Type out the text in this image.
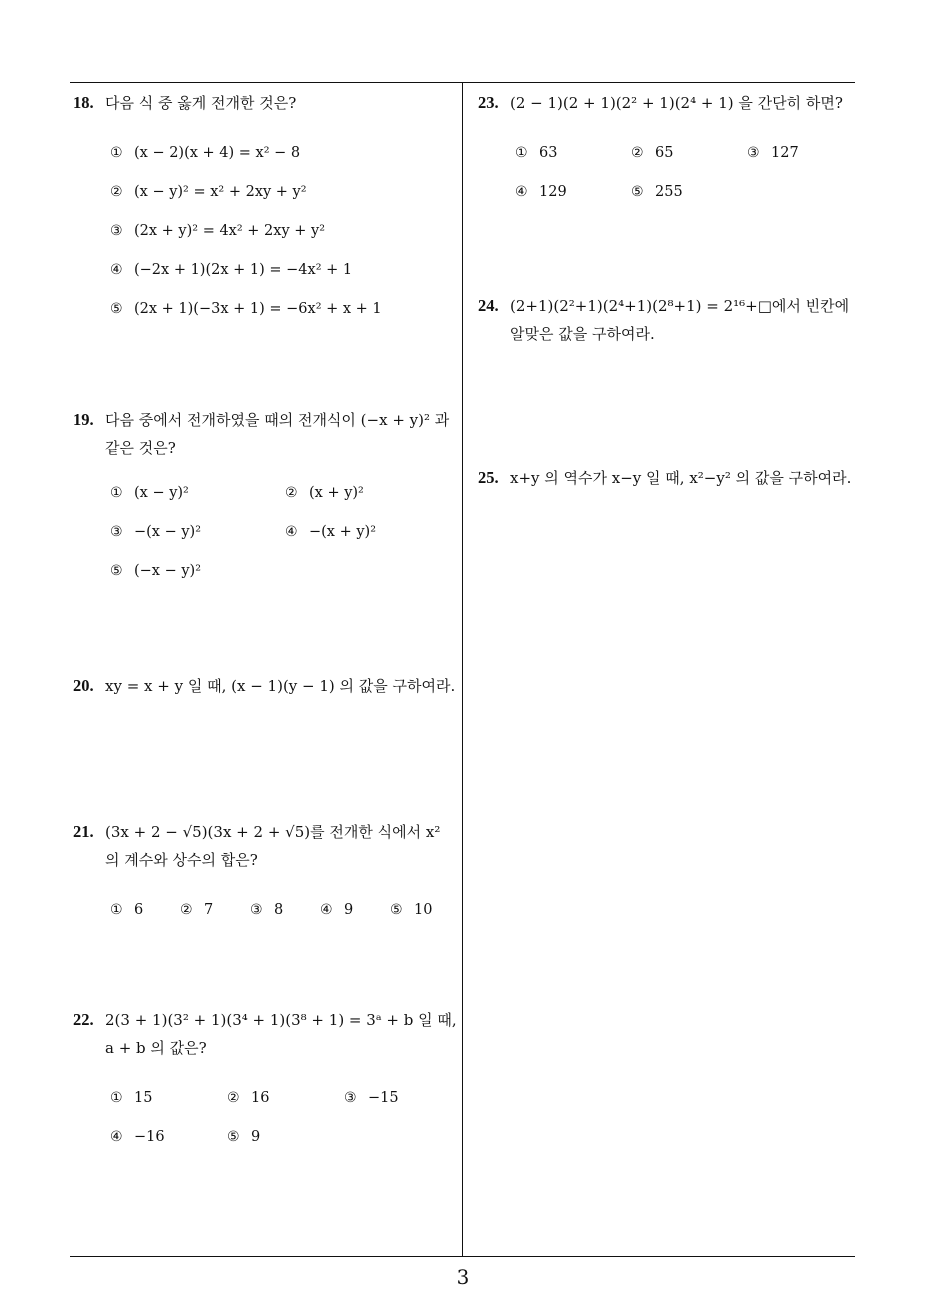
18. 다음 식 중 옳게 전개한 것은?
① (x − 2)(x + 4) = x² − 8
② (x − y)² = x² + 2xy + y²
③ (2x + y)² = 4x² + 2xy + y²
④ (−2x + 1)(2x + 1) = −4x² + 1
⑤ (2x + 1)(−3x + 1) = −6x² + x + 1
19. 다음 중에서 전개하였을 때의 전개식이 (−x + y)² 과 같은 것은?
① (x − y)²	② (x + y)²
③ −(x − y)²	④ −(x + y)²
⑤ (−x − y)²
20. xy = x + y 일 때, (x − 1)(y − 1) 의 값을 구하여라.
21. (3x + 2 − √5)(3x + 2 + √5)를 전개한 식에서 x² 의 계수와 상수의 합은?
① 6	② 7	③ 8	④ 9	⑤ 10
22. 2(3 + 1)(3² + 1)(3⁴ + 1)(3⁸ + 1) = 3ᵃ + b 일 때, a + b 의 값은?
① 15	② 16	③ −15
④ −16	⑤ 9
23. (2 − 1)(2 + 1)(2² + 1)(2⁴ + 1) 을 간단히 하면?
① 63	② 65	③ 127
④ 129	⑤ 255
24. (2+1)(2²+1)(2⁴+1)(2⁸+1) = 2¹⁶+□에서 빈칸에 알맞은 값을 구하여라.
25. x+y 의 역수가 x−y 일 때, x²−y² 의 값을 구하여라.
3
